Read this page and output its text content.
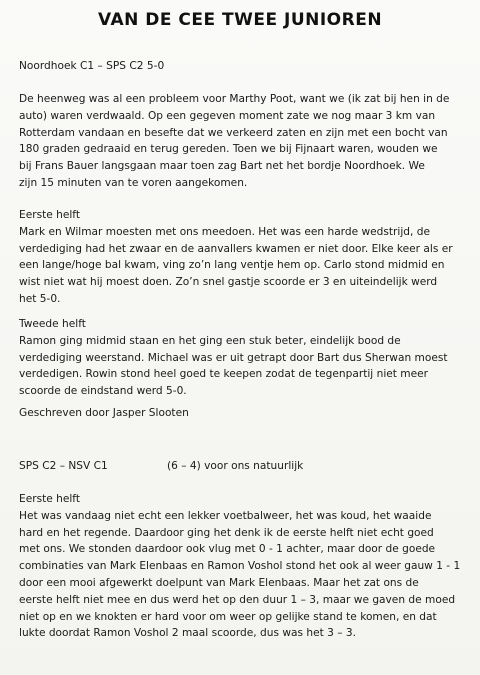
VAN DE CEE TWEE JUNIOREN
Noordhoek C1 – SPS C2 5-0
De heenweg was al een probleem voor Marthy Poot, want we (ik zat bij hen in de
auto) waren verdwaald. Op een gegeven moment zate we nog maar 3 km van
Rotterdam vandaan en besefte dat we verkeerd zaten en zijn met een bocht van
180 graden gedraaid en terug gereden. Toen we bij Fijnaart waren, wouden we
bij Frans Bauer langsgaan maar toen zag Bart net het bordje Noordhoek. We
zijn 15 minuten van te voren aangekomen.
Eerste helft
Mark en Wilmar moesten met ons meedoen. Het was een harde wedstrijd, de
verdediging had het zwaar en de aanvallers kwamen er niet door. Elke keer als er
een lange/hoge bal kwam, ving zo’n lang ventje hem op. Carlo stond midmid en
wist niet wat hij moest doen. Zo’n snel gastje scoorde er 3 en uiteindelijk werd
het 5-0.
Tweede helft
Ramon ging midmid staan en het ging een stuk beter, eindelijk bood de
verdediging weerstand. Michael was er uit getrapt door Bart dus Sherwan moest
verdedigen. Rowin stond heel goed te keepen zodat de tegenpartij niet meer
scoorde de eindstand werd 5-0.
Geschreven door Jasper Slooten
SPS C2 – NSV C1	(6 – 4) voor ons natuurlijk
Eerste helft
Het was vandaag niet echt een lekker voetbalweer, het was koud, het waaide
hard en het regende. Daardoor ging het denk ik de eerste helft niet echt goed
met ons. We stonden daardoor ook vlug met 0 - 1 achter, maar door de goede
combinaties van Mark Elenbaas en Ramon Voshol stond het ook al weer gauw 1 - 1
door een mooi afgewerkt doelpunt van Mark Elenbaas. Maar het zat ons de
eerste helft niet mee en dus werd het op den duur 1 – 3, maar we gaven de moed
niet op en we knokten er hard voor om weer op gelijke stand te komen, en dat
lukte doordat Ramon Voshol 2 maal scoorde, dus was het 3 – 3.
